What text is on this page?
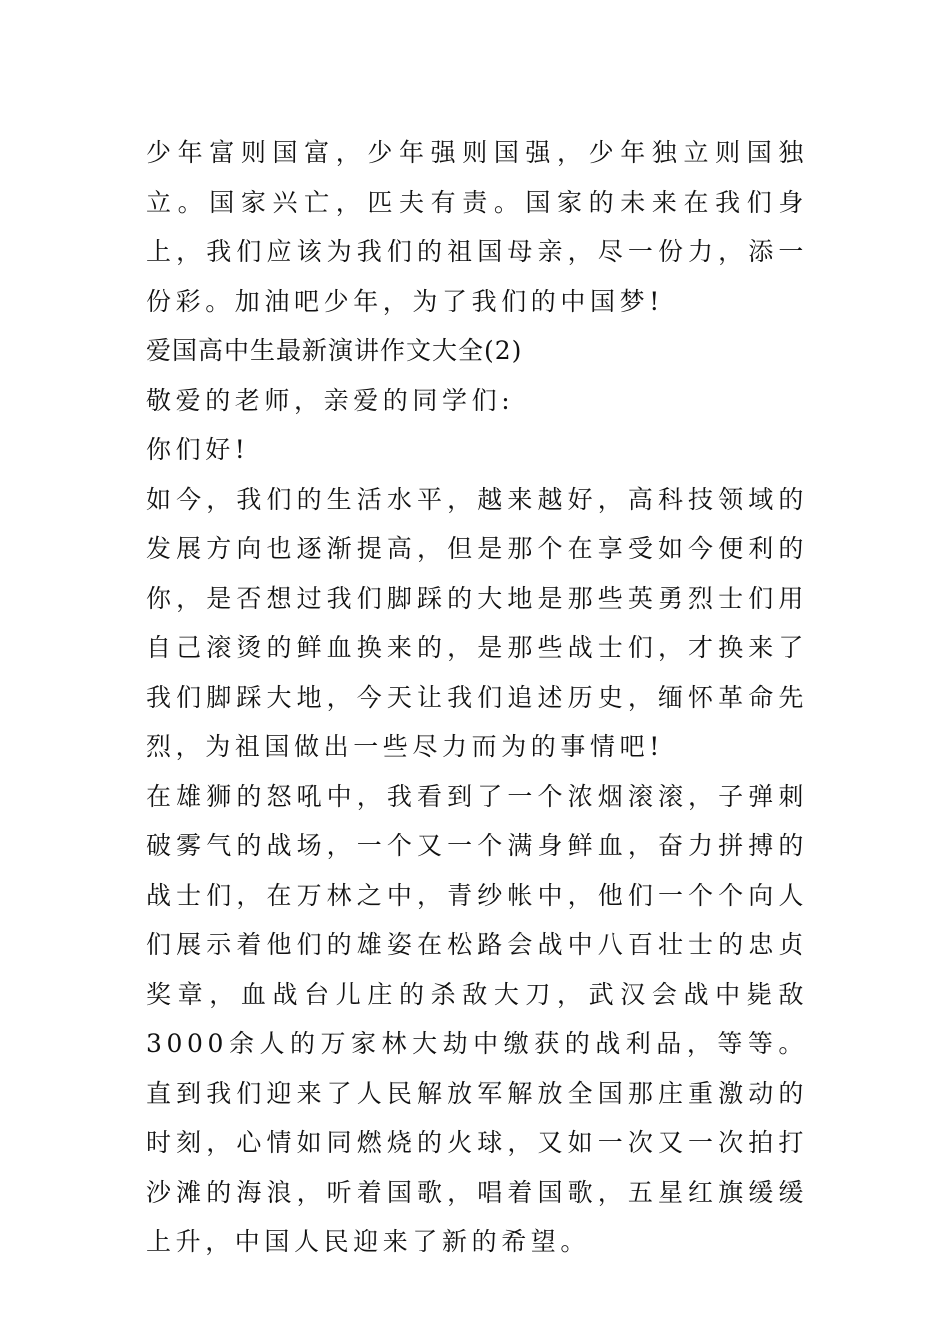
少年富则国富，少年强则国强，少年独立则国独立。国家兴亡，匹夫有责。国家的未来在我们身上，我们应该为我们的祖国母亲，尽一份力，添一份彩。加油吧少年，为了我们的中国梦!

爱国高中生最新演讲作文大全(2)

敬爱的老师，亲爱的同学们:

你们好!

如今，我们的生活水平，越来越好，高科技领域的发展方向也逐渐提高，但是那个在享受如今便利的你，是否想过我们脚踩的大地是那些英勇烈士们用自己滚烫的鲜血换来的，是那些战士们，才换来了我们脚踩大地，今天让我们追述历史，缅怀革命先烈，为祖国做出一些尽力而为的事情吧!

在雄狮的怒吼中，我看到了一个浓烟滚滚，子弹刺破雾气的战场，一个又一个满身鲜血，奋力拼搏的战士们，在万林之中，青纱帐中，他们一个个向人们展示着他们的雄姿在松路会战中八百壮士的忠贞奖章，血战台儿庄的杀敌大刀，武汉会战中毙敌3000余人的万家林大劫中缴获的战利品，等等。直到我们迎来了人民解放军解放全国那庄重激动的时刻，心情如同燃烧的火球，又如一次又一次拍打沙滩的海浪，听着国歌，唱着国歌，五星红旗缓缓上升，中国人民迎来了新的希望。
